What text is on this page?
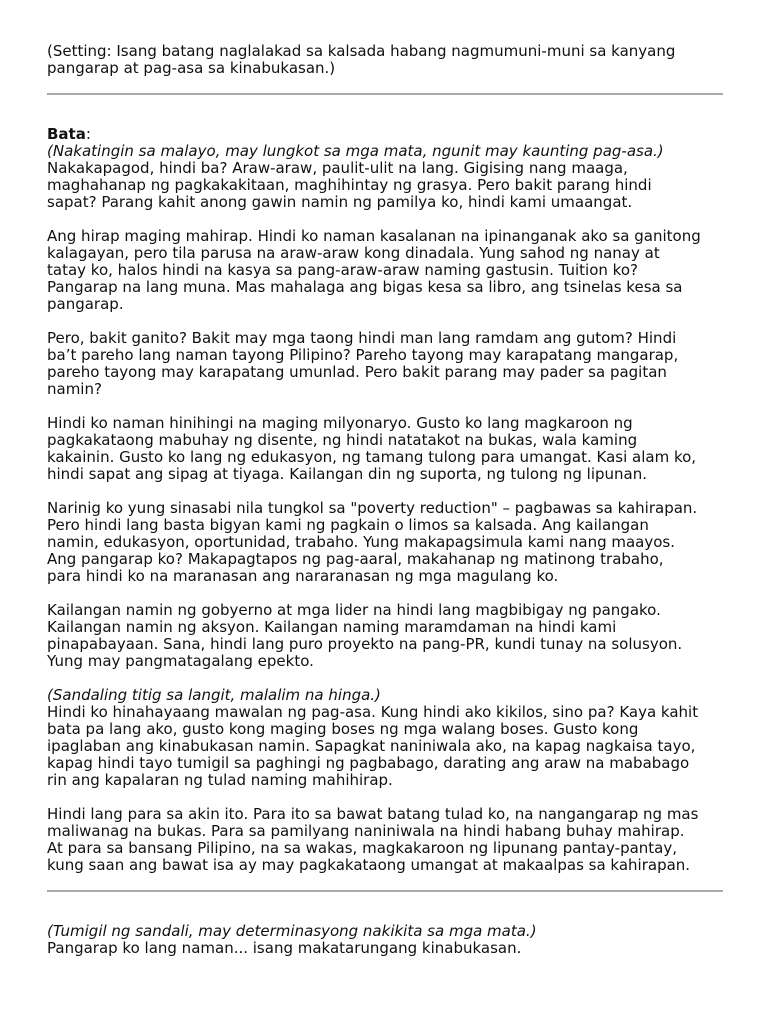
(Setting: Isang batang naglalakad sa kalsada habang nagmumuni-muni sa kanyang
pangarap at pag-asa sa kinabukasan.)
Bata:
(Nakatingin sa malayo, may lungkot sa mga mata, ngunit may kaunting pag-asa.)
Nakakapagod, hindi ba? Araw-araw, paulit-ulit na lang. Gigising nang maaga,
maghahanap ng pagkakakitaan, maghihintay ng grasya. Pero bakit parang hindi
sapat? Parang kahit anong gawin namin ng pamilya ko, hindi kami umaangat.
Ang hirap maging mahirap. Hindi ko naman kasalanan na ipinanganak ako sa ganitong
kalagayan, pero tila parusa na araw-araw kong dinadala. Yung sahod ng nanay at
tatay ko, halos hindi na kasya sa pang-araw-araw naming gastusin. Tuition ko?
Pangarap na lang muna. Mas mahalaga ang bigas kesa sa libro, ang tsinelas kesa sa
pangarap.
Pero, bakit ganito? Bakit may mga taong hindi man lang ramdam ang gutom? Hindi
ba’t pareho lang naman tayong Pilipino? Pareho tayong may karapatang mangarap,
pareho tayong may karapatang umunlad. Pero bakit parang may pader sa pagitan
namin?
Hindi ko naman hinihingi na maging milyonaryo. Gusto ko lang magkaroon ng
pagkakataong mabuhay ng disente, ng hindi natatakot na bukas, wala kaming
kakainin. Gusto ko lang ng edukasyon, ng tamang tulong para umangat. Kasi alam ko,
hindi sapat ang sipag at tiyaga. Kailangan din ng suporta, ng tulong ng lipunan.
Narinig ko yung sinasabi nila tungkol sa "poverty reduction" – pagbawas sa kahirapan.
Pero hindi lang basta bigyan kami ng pagkain o limos sa kalsada. Ang kailangan
namin, edukasyon, oportunidad, trabaho. Yung makapagsimula kami nang maayos.
Ang pangarap ko? Makapagtapos ng pag-aaral, makahanap ng matinong trabaho,
para hindi ko na maranasan ang nararanasan ng mga magulang ko.
Kailangan namin ng gobyerno at mga lider na hindi lang magbibigay ng pangako.
Kailangan namin ng aksyon. Kailangan naming maramdaman na hindi kami
pinapabayaan. Sana, hindi lang puro proyekto na pang-PR, kundi tunay na solusyon.
Yung may pangmatagalang epekto.
(Sandaling titig sa langit, malalim na hinga.)
Hindi ko hinahayaang mawalan ng pag-asa. Kung hindi ako kikilos, sino pa? Kaya kahit
bata pa lang ako, gusto kong maging boses ng mga walang boses. Gusto kong
ipaglaban ang kinabukasan namin. Sapagkat naniniwala ako, na kapag nagkaisa tayo,
kapag hindi tayo tumigil sa paghingi ng pagbabago, darating ang araw na mababago
rin ang kapalaran ng tulad naming mahihirap.
Hindi lang para sa akin ito. Para ito sa bawat batang tulad ko, na nangangarap ng mas
maliwanag na bukas. Para sa pamilyang naniniwala na hindi habang buhay mahirap.
At para sa bansang Pilipino, na sa wakas, magkakaroon ng lipunang pantay-pantay,
kung saan ang bawat isa ay may pagkakataong umangat at makaalpas sa kahirapan.
(Tumigil ng sandali, may determinasyong nakikita sa mga mata.)
Pangarap ko lang naman... isang makatarungang kinabukasan.
